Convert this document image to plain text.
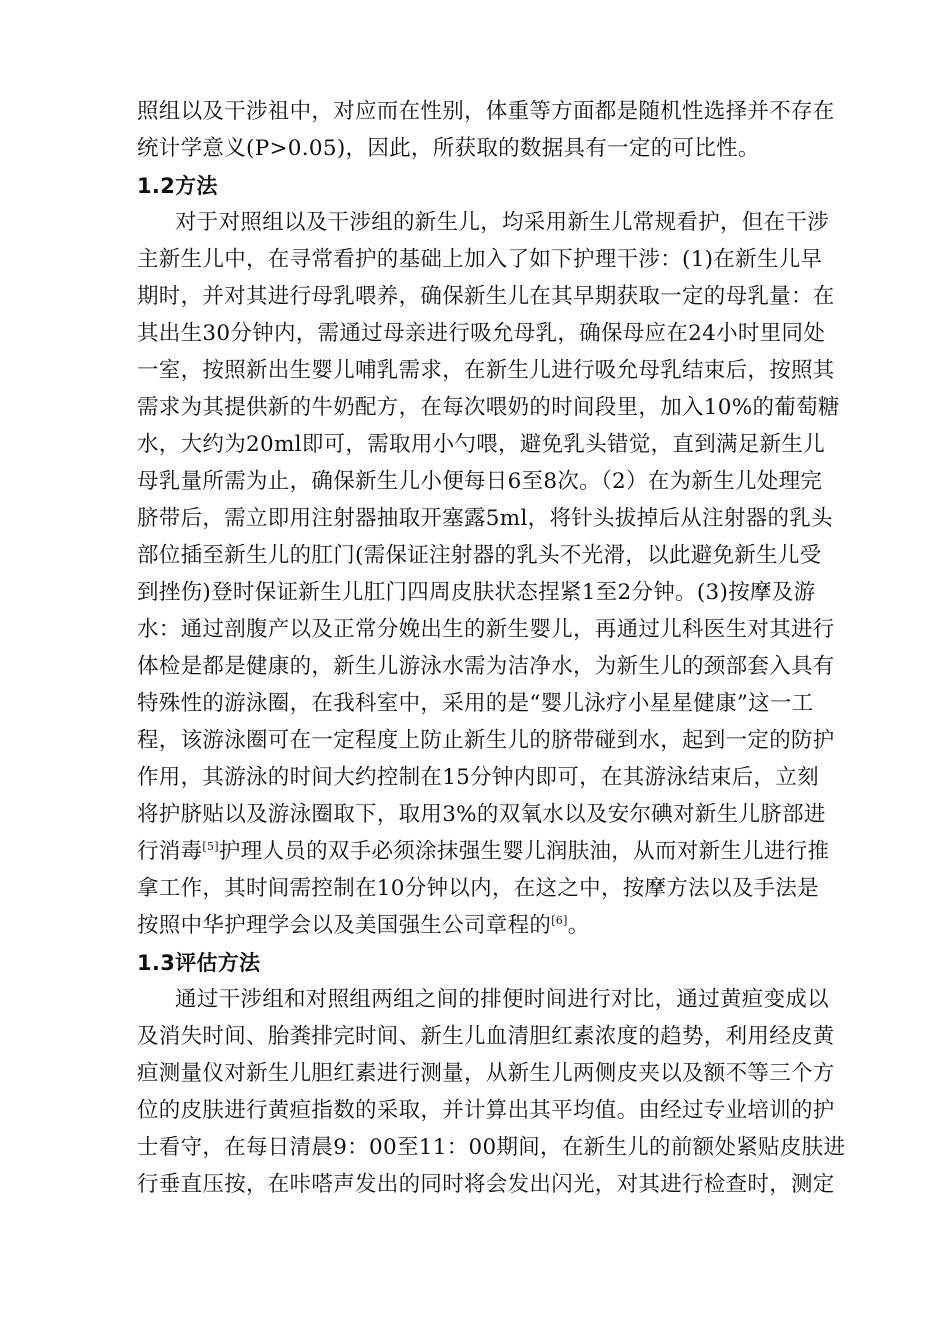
照组以及干涉祖中，对应而在性别，体重等方面都是随机性选择并不存在
统计学意义(P>0.05)，因此，所获取的数据具有一定的可比性。
1.2方法
对于对照组以及干涉组的新生儿，均采用新生儿常规看护，但在干涉
主新生儿中，在寻常看护的基础上加入了如下护理干涉：(1)在新生儿早
期时，并对其进行母乳喂养，确保新生儿在其早期获取一定的母乳量：在
其出生30分钟内，需通过母亲进行吸允母乳，确保母应在24小时里同处
一室，按照新出生婴儿哺乳需求，在新生儿进行吸允母乳结束后，按照其
需求为其提供新的牛奶配方，在每次喂奶的时间段里，加入10%的葡萄糖
水，大约为20ml即可，需取用小勺喂，避免乳头错觉，直到满足新生儿
母乳量所需为止，确保新生儿小便每日6至8次。（2）在为新生儿处理完
脐带后，需立即用注射器抽取开塞露5ml，将针头拔掉后从注射器的乳头
部位插至新生儿的肛门(需保证注射器的乳头不光滑，以此避免新生儿受
到挫伤)登时保证新生儿肛门四周皮肤状态捏紧1至2分钟。(3)按摩及游
水：通过剖腹产以及正常分娩出生的新生婴儿，再通过儿科医生对其进行
体检是都是健康的，新生儿游泳水需为洁净水，为新生儿的颈部套入具有
特殊性的游泳圈，在我科室中，采用的是“婴儿泳疗小星星健康”这一工
程，该游泳圈可在一定程度上防止新生儿的脐带碰到水，起到一定的防护
作用，其游泳的时间大约控制在15分钟内即可，在其游泳结束后，立刻
将护脐贴以及游泳圈取下，取用3%的双氧水以及安尔碘对新生儿脐部进
行消毒[5]护理人员的双手必须涂抹强生婴儿润肤油，从而对新生儿进行推
拿工作，其时间需控制在10分钟以内，在这之中，按摩方法以及手法是
按照中华护理学会以及美国强生公司章程的[6]。
1.3评估方法
通过干涉组和对照组两组之间的排便时间进行对比，通过黄疸变成以
及消失时间、胎粪排完时间、新生儿血清胆红素浓度的趋势，利用经皮黄
疸测量仪对新生儿胆红素进行测量，从新生儿两侧皮夹以及额不等三个方
位的皮肤进行黄疸指数的采取，并计算出其平均值。由经过专业培训的护
士看守，在每日清晨9：00至11：00期间，在新生儿的前额处紧贴皮肤进
行垂直压按，在咔嗒声发出的同时将会发出闪光，对其进行检查时，测定
